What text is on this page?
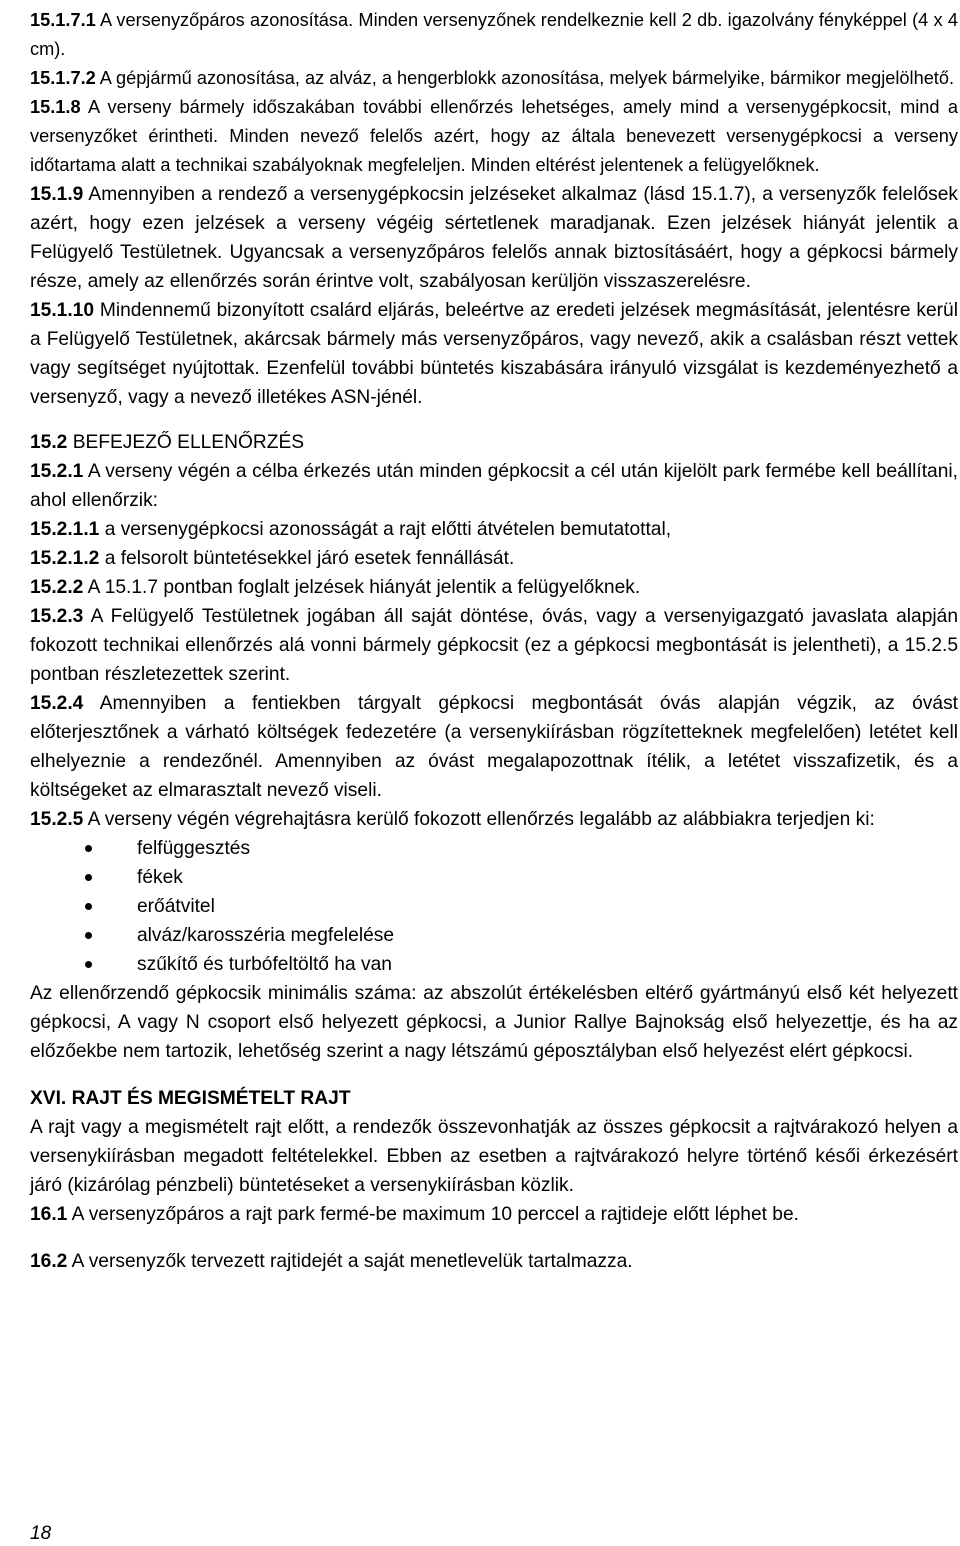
15.1.7.1 A versenyzőpáros azonosítása. Minden versenyzőnek rendelkeznie kell 2 db. igazolvány fényképpel (4 x 4 cm).

15.1.7.2 A gépjármű azonosítása, az alváz, a hengerblokk azonosítása, melyek bármelyike, bármikor megjelölhető.

15.1.8 A verseny bármely időszakában további ellenőrzés lehetséges, amely mind a versenygépkocsit, mind a versenyzőket érintheti. Minden nevező felelős azért, hogy az általa benevezett versenygépkocsi a verseny időtartama alatt a technikai szabályoknak megfeleljen. Minden eltérést jelentenek a felügyelőknek.

15.1.9 Amennyiben a rendező a versenygépkocsin jelzéseket alkalmaz (lásd 15.1.7), a versenyzők felelősek azért, hogy ezen jelzések a verseny végéig sértetlenek maradjanak. Ezen jelzések hiányát jelentik a Felügyelő Testületnek. Ugyancsak a versenyzőpáros felelős annak biztosításáért, hogy a gépkocsi bármely része, amely az ellenőrzés során érintve volt, szabályosan kerüljön visszaszerelésre.

15.1.10 Mindennemű bizonyított csalárd eljárás, beleértve az eredeti jelzések megmásítását, jelentésre kerül a Felügyelő Testületnek, akárcsak bármely más versenyzőpáros, vagy nevező, akik a csalásban részt vettek vagy segítséget nyújtottak. Ezenfelül további büntetés kiszabására irányuló vizsgálat is kezdeményezhető a versenyző, vagy a nevező illetékes ASN-jénél.

15.2 BEFEJEZŐ ELLENŐRZÉS

15.2.1 A verseny végén a célba érkezés után minden gépkocsit a cél után kijelölt park fermébe kell beállítani, ahol ellenőrzik:

15.2.1.1 a versenygépkocsi azonosságát a rajt előtti átvételen bemutatottal,

15.2.1.2 a felsorolt büntetésekkel járó esetek fennállását.

15.2.2 A 15.1.7 pontban foglalt jelzések hiányát jelentik a felügyelőknek.

15.2.3 A Felügyelő Testületnek jogában áll saját döntése, óvás, vagy a versenyigazgató javaslata alapján fokozott technikai ellenőrzés alá vonni bármely gépkocsit (ez a gépkocsi megbontását is jelentheti), a 15.2.5 pontban részletezettek szerint.

15.2.4 Amennyiben a fentiekben tárgyalt gépkocsi megbontását óvás alapján végzik, az óvást előterjesztőnek a várható költségek fedezetére (a versenykiírásban rögzítetteknek megfelelően) letétet kell elhelyeznie a rendezőnél. Amennyiben az óvást megalapozottnak ítélik, a letétet visszafizetik, és a költségeket az elmarasztalt nevező viseli.

15.2.5 A verseny végén végrehajtásra kerülő fokozott ellenőrzés legalább az alábbiakra terjedjen ki:

felfüggesztés
fékek
erőátvitel
alváz/karosszéria megfelelése
szűkítő és turbófeltöltő ha van

Az ellenőrzendő gépkocsik minimális száma: az abszolút értékelésben eltérő gyártmányú első két helyezett gépkocsi, A vagy N csoport első helyezett gépkocsi, a Junior Rallye Bajnokság első helyezettje, és ha az előzőekbe nem tartozik, lehetőség szerint a nagy létszámú géposztályban első helyezést elért gépkocsi.

XVI. RAJT ÉS MEGISMÉTELT RAJT

A rajt vagy a megismételt rajt előtt, a rendezők összevonhatják az összes gépkocsit a rajtvárakozó helyen a versenykiírásban megadott feltételekkel. Ebben az esetben a rajtvárakozó helyre történő késői érkezésért járó (kizárólag pénzbeli) büntetéseket a versenykiírásban közlik.

16.1 A versenyzőpáros a rajt park fermé-be maximum 10 perccel a rajtideje előtt léphet be.

16.2 A versenyzők tervezett rajtidejét a saját menetlevelük tartalmazza.

18
